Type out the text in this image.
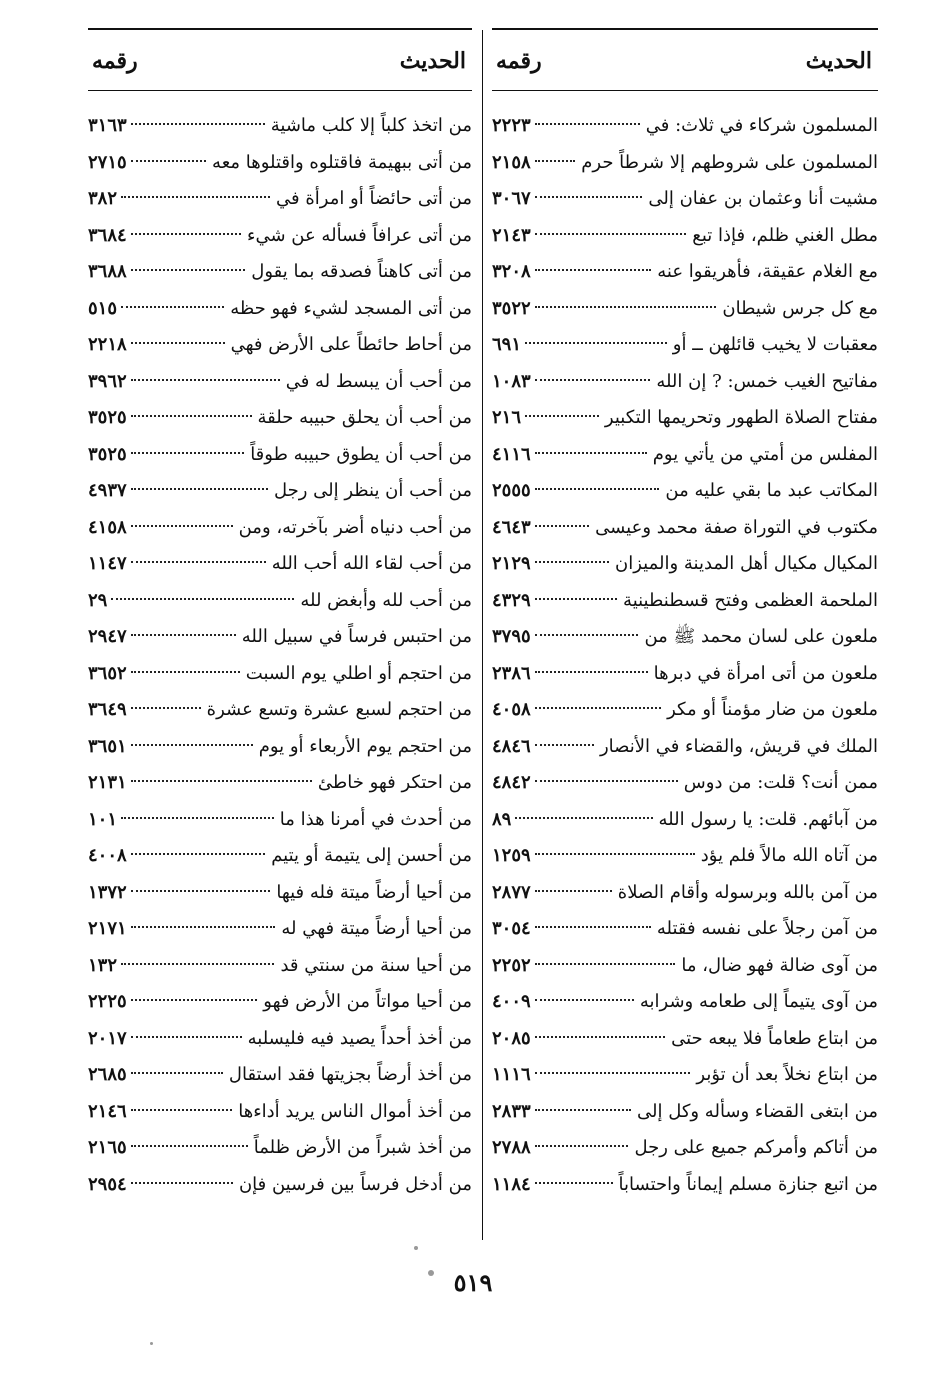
الحديث
رقمه
المسلمون شركاء في ثلاث: في
٢٢٢٣
المسلمون على شروطهم إلا شرطاً حرم
٢١٥٨
مشيت أنا وعثمان بن عفان إلى
٣٠٦٧
مطل الغني ظلم، فإذا تبع
٢١٤٣
مع الغلام عقيقة، فأهريقوا عنه
٣٢٠٨
مع كل جرس شيطان
٣٥٢٢
معقبات لا يخيب قائلهن ــ أو
٦٩١
مفاتيح الغيب خمس: ? إن الله
١٠٨٣
مفتاح الصلاة الطهور وتحريمها التكبير
٢١٦
المفلس من أمتي من يأتي يوم
٤١١٦
المكاتب عبد ما بقي عليه من
٢٥٥٥
مكتوب في التوراة صفة محمد وعيسى
٤٦٤٣
المكيال مكيال أهل المدينة والميزان
٢١٢٩
الملحمة العظمى وفتح قسطنطينية
٤٣٢٩
ملعون على لسان محمد ﷺ من
٣٧٩٥
ملعون من أتى امرأة في دبرها
٢٣٨٦
ملعون من ضار مؤمناً أو مكر
٤٠٥٨
الملك في قريش، والقضاء في الأنصار
٤٨٤٦
ممن أنت؟ قلت: من دوس
٤٨٤٢
من آبائهم. قلت: يا رسول الله
٨٩
من آتاه الله مالاً فلم يؤد
١٢٥٩
من آمن بالله وبرسوله وأقام الصلاة
٢٨٧٧
من آمن رجلاً على نفسه فقتله
٣٠٥٤
من آوى ضالة فهو ضال، ما
٢٢٥٢
من آوى يتيماً إلى طعامه وشرابه
٤٠٠٩
من ابتاع طعاماً فلا يبعه حتى
٢٠٨٥
من ابتاع نخلاً بعد أن تؤبر
١١١٦
من ابتغى القضاء وسأله وكل إلى
٢٨٣٣
من أتاكم وأمركم جميع على رجل
٢٧٨٨
من اتبع جنازة مسلم إيماناً واحتساباً
١١٨٤
الحديث
رقمه
من اتخذ كلباً إلا كلب ماشية
٣١٦٣
من أتى ببهيمة فاقتلوه واقتلوها معه
٢٧١٥
من أتى حائضاً أو امرأة في
٣٨٢
من أتى عرافاً فسأله عن شيء
٣٦٨٤
من أتى كاهناً فصدقه بما يقول
٣٦٨٨
من أتى المسجد لشيء فهو حظه
٥١٥
من أحاط حائطاً على الأرض فهي
٢٢١٨
من أحب أن يبسط له في
٣٩٦٢
من أحب أن يحلق حبيبه حلقة
٣٥٢٥
من أحب أن يطوق حبيبه طوقاً
٣٥٢٥
من أحب أن ينظر إلى رجل
٤٩٣٧
من أحب دنياه أضر بآخرته، ومن
٤١٥٨
من أحب لقاء الله أحب الله
١١٤٧
من أحب لله وأبغض لله
٢٩
من احتبس فرساً في سبيل الله
٢٩٤٧
من احتجم أو اطلي يوم السبت
٣٦٥٢
من احتجم لسبع عشرة وتسع عشرة
٣٦٤٩
من احتجم يوم الأربعاء أو يوم
٣٦٥١
من احتكر فهو خاطئ
٢١٣١
من أحدث في أمرنا هذا ما
١٠١
من أحسن إلى يتيمة أو يتيم
٤٠٠٨
من أحيا أرضاً ميتة فله فيها
١٣٧٢
من أحيا أرضاً ميتة فهي له
٢١٧١
من أحيا سنة من سنتي قد
١٣٢
من أحيا مواتاً من الأرض فهو
٢٢٢٥
من أخذ أحداً يصيد فيه فليسلبه
٢٠١٧
من أخذ أرضاً بجزيتها فقد استقال
٢٦٨٥
من أخذ أموال الناس يريد أداءها
٢١٤٦
من أخذ شبراً من الأرض ظلماً
٢١٦٥
من أدخل فرساً بين فرسين فإن
٢٩٥٤
٥١٩
